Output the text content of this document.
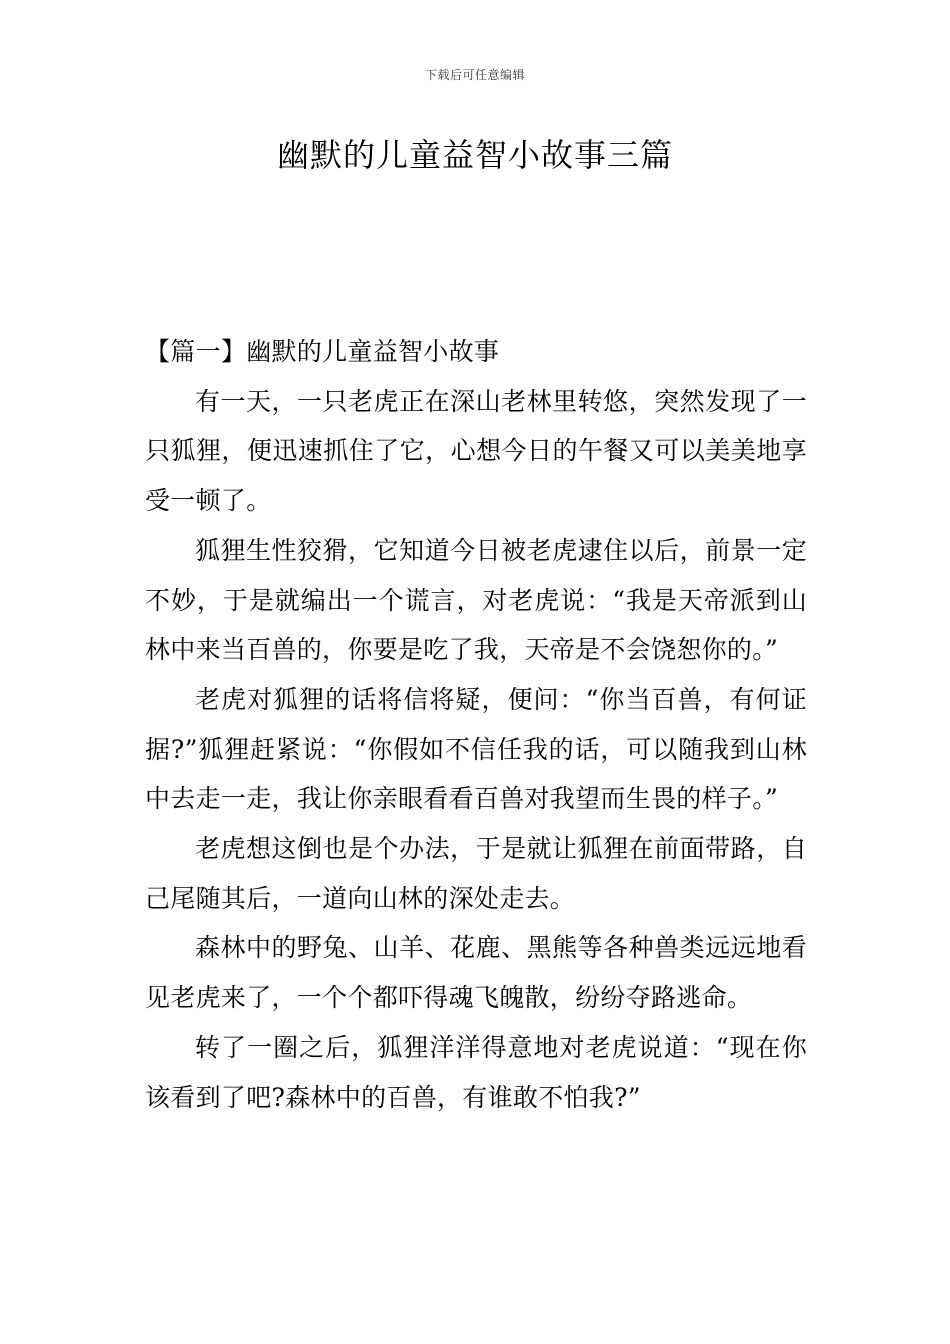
下载后可任意编辑
幽默的儿童益智小故事三篇

【篇一】幽默的儿童益智小故事

有一天，一只老虎正在深山老林里转悠，突然发现了一只狐狸，便迅速抓住了它，心想今日的午餐又可以美美地享受一顿了。

狐狸生性狡猾，它知道今日被老虎逮住以后，前景一定不妙，于是就编出一个谎言，对老虎说：“我是天帝派到山林中来当百兽的，你要是吃了我，天帝是不会饶恕你的。”

老虎对狐狸的话将信将疑，便问：“你当百兽，有何证据?”狐狸赶紧说：“你假如不信任我的话，可以随我到山林中去走一走，我让你亲眼看看百兽对我望而生畏的样子。”

老虎想这倒也是个办法，于是就让狐狸在前面带路，自己尾随其后，一道向山林的深处走去。

森林中的野兔、山羊、花鹿、黑熊等各种兽类远远地看见老虎来了，一个个都吓得魂飞魄散，纷纷夺路逃命。

转了一圈之后，狐狸洋洋得意地对老虎说道：“现在你该看到了吧?森林中的百兽，有谁敢不怕我?”
